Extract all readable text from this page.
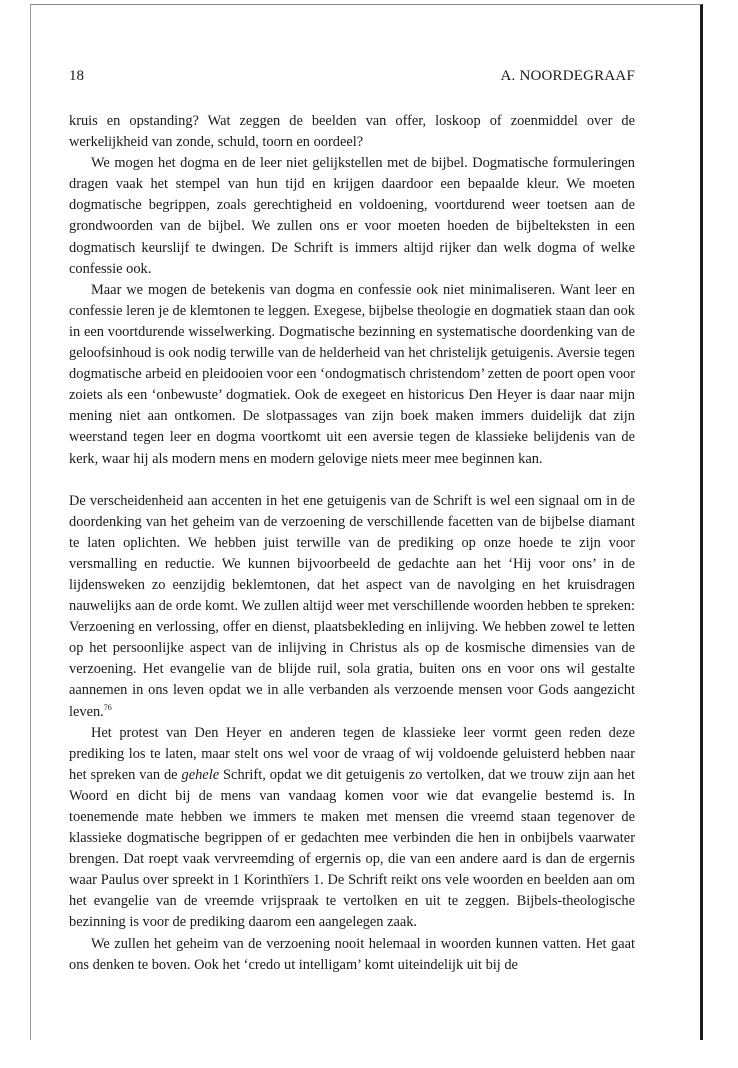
18	A. NOORDEGRAAF

kruis en opstanding? Wat zeggen de beelden van offer, loskoop of zoenmiddel over de werkelijkheid van zonde, schuld, toorn en oordeel?

We mogen het dogma en de leer niet gelijkstellen met de bijbel. Dogmatische formuleringen dragen vaak het stempel van hun tijd en krijgen daardoor een bepaalde kleur. We moeten dogmatische begrippen, zoals gerechtigheid en voldoening, voortdurend weer toetsen aan de grondwoorden van de bijbel. We zullen ons er voor moeten hoeden de bijbelteksten in een dogmatisch keurslijf te dwingen. De Schrift is immers altijd rijker dan welk dogma of welke confessie ook.

Maar we mogen de betekenis van dogma en confessie ook niet minimaliseren. Want leer en confessie leren je de klemtonen te leggen. Exegese, bijbelse theologie en dogmatiek staan dan ook in een voortdurende wisselwerking. Dogmatische bezinning en systematische doordenking van de geloofsinhoud is ook nodig terwille van de helderheid van het christelijk getuigenis. Aversie tegen dogmatische arbeid en pleidooien voor een ‘ondogmatisch christendom’ zetten de poort open voor zoiets als een ‘onbewuste’ dogmatiek. Ook de exegeet en historicus Den Heyer is daar naar mijn mening niet aan ontkomen. De slotpassages van zijn boek maken immers duidelijk dat zijn weerstand tegen leer en dogma voortkomt uit een aversie tegen de klassieke belijdenis van de kerk, waar hij als modern mens en modern gelovige niets meer mee beginnen kan.

De verscheidenheid aan accenten in het ene getuigenis van de Schrift is wel een signaal om in de doordenking van het geheim van de verzoening de verschillende facetten van de bijbelse diamant te laten oplichten. We hebben juist terwille van de prediking op onze hoede te zijn voor versmalling en reductie. We kunnen bijvoorbeeld de gedachte aan het ‘Hij voor ons’ in de lijdensweken zo eenzijdig beklemtonen, dat het aspect van de navolging en het kruisdragen nauwelijks aan de orde komt. We zullen altijd weer met verschillende woorden hebben te spreken: Verzoening en verlossing, offer en dienst, plaatsbekleding en inlijving. We hebben zowel te letten op het persoonlijke aspect van de inlijving in Christus als op de kosmische dimensies van de verzoening. Het evangelie van de blijde ruil, sola gratia, buiten ons en voor ons wil gestalte aannemen in ons leven opdat we in alle verbanden als verzoende mensen voor Gods aangezicht leven.$^{76}$

Het protest van Den Heyer en anderen tegen de klassieke leer vormt geen reden deze prediking los te laten, maar stelt ons wel voor de vraag of wij voldoende geluisterd hebben naar het spreken van de gehele Schrift, opdat we dit getuigenis zo vertolken, dat we trouw zijn aan het Woord en dicht bij de mens van vandaag komen voor wie dat evangelie bestemd is. In toenemende mate hebben we immers te maken met mensen die vreemd staan tegenover de klassieke dogmatische begrippen of er gedachten mee verbinden die hen in onbijbels vaarwater brengen. Dat roept vaak vervreemding of ergernis op, die van een andere aard is dan de ergernis waar Paulus over spreekt in 1 Korinthïers 1. De Schrift reikt ons vele woorden en beelden aan om het evangelie van de vreemde vrijspraak te vertolken en uit te zeggen. Bijbels-theologische bezinning is voor de prediking daarom een aangelegen zaak.

We zullen het geheim van de verzoening nooit helemaal in woorden kunnen vatten. Het gaat ons denken te boven. Ook het ‘credo ut intelligam’ komt uiteindelijk uit bij de
